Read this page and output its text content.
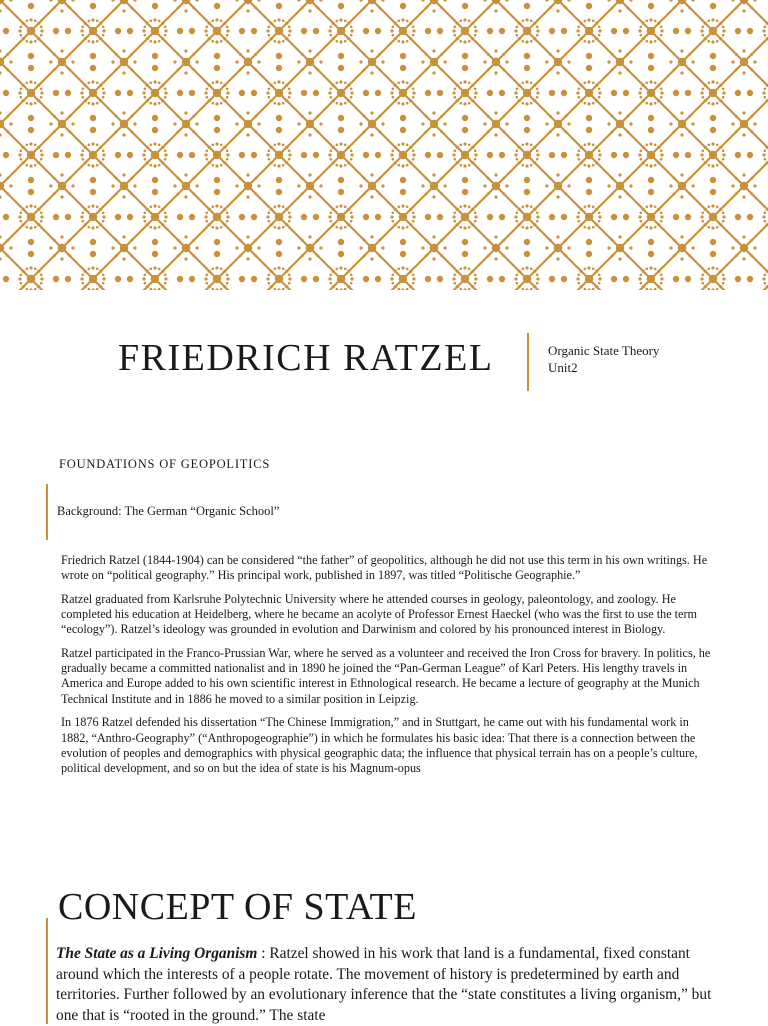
FRIEDRICH RATZEL	Organic State Theory
Unit2
FOUNDATIONS OF GEOPOLITICS
Background: The German “Organic School”

Friedrich Ratzel (1844-1904) can be considered “the father” of geopolitics, although he did not use this term in his own writings. He wrote on “political geography.” His principal work, published in 1897, was titled “Politische Geographie.”

Ratzel graduated from Karlsruhe Polytechnic University where he attended courses in geology, paleontology, and zoology. He completed his education at Heidelberg, where he became an acolyte of Professor Ernest Haeckel (who was the first to use the term “ecology”). Ratzel’s ideology was grounded in evolution and Darwinism and colored by his pronounced interest in Biology.

Ratzel participated in the Franco-Prussian War, where he served as a volunteer and received the Iron Cross for bravery. In politics, he gradually became a committed nationalist and in 1890 he joined the “Pan-German League” of Karl Peters. His lengthy travels in America and Europe added to his own scientific interest in Ethnological research. He became a lecture of geography at the Munich Technical Institute and in 1886 he moved to a similar position in Leipzig.

In 1876 Ratzel defended his dissertation “The Chinese Immigration,” and in Stuttgart, he came out with his fundamental work in 1882, “Anthro-Geography” (“Anthropogeographie”) in which he formulates his basic idea: That there is a connection between the evolution of peoples and demographics with physical geographic data; the influence that physical terrain has on a people’s culture, political development, and so on but the idea of state is his Magnum-opus

CONCEPT OF STATE
The State as a Living Organism : Ratzel showed in his work that land is a fundamental, fixed constant around which the interests of a people rotate. The movement of history is predetermined by earth and territories. Further followed by an evolutionary inference that the “state constitutes a living organism,” but one that is “rooted in the ground.” The state
